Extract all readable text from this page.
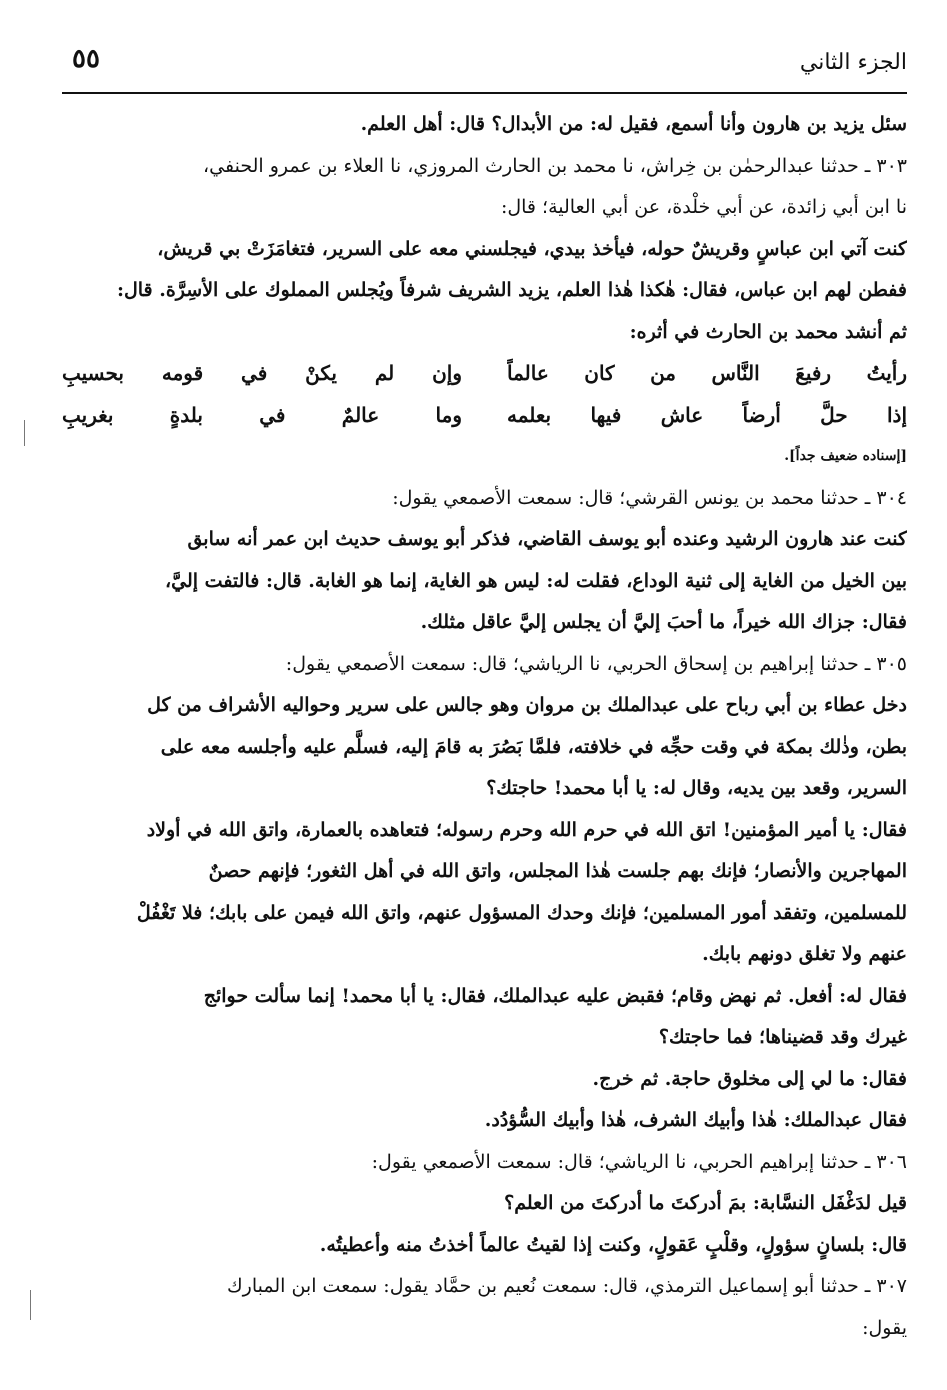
٥٥	الجزء الثاني
سئل يزيد بن هارون وأنا أسمع، فقيل له: من الأبدال؟ قال: أهل العلم.
٣٠٣ ـ حدثنا عبدالرحمٰن بن خِراش، نا محمد بن الحارث المروزي، نا العلاء بن عمرو الحنفي،
نا ابن أبي زائدة، عن أبي خلْدة، عن أبي العالية؛ قال:
كنت آتي ابن عباسٍ وقريشٌ حوله، فيأخذ بيدي، فيجلسني معه على السرير، فتغامَزَتْ بي قريش،
ففطن لهم ابن عباس، فقال: هٰكذا هٰذا العلم، يزيد الشريف شرفاً ويُجلس المملوك على الأسِرَّة. قال:
ثم أنشد محمد بن الحارث في أثره:
رأيتُ رفيعَ النَّاس من كان عالماً
وإن لم يكنْ في قومه بحسيبِ
إذا حلَّ أرضاً عاش فيها بعلمه
وما عالمٌ في بلدةٍ بغريبِ
[إسناده ضعيف جداً].
٣٠٤ ـ حدثنا محمد بن يونس القرشي؛ قال: سمعت الأصمعي يقول:
كنت عند هارون الرشيد وعنده أبو يوسف القاضي، فذكر أبو يوسف حديث ابن عمر أنه سابق
بين الخيل من الغاية إلى ثنية الوداع، فقلت له: ليس هو الغاية، إنما هو الغابة. قال: فالتفت إليَّ،
فقال: جزاك الله خيراً، ما أحبَ إليَّ أن يجلس إليَّ عاقل مثلك.
٣٠٥ ـ حدثنا إبراهيم بن إسحاق الحربي، نا الرياشي؛ قال: سمعت الأصمعي يقول:
دخل عطاء بن أبي رباح على عبدالملك بن مروان وهو جالس على سرير وحواليه الأشراف من كل
بطن، وذٰلك بمكة في وقت حجِّه في خلافته، فلمَّا بَصُرَ به قامَ إليه، فسلَّم عليه وأجلسه معه على
السرير، وقعد بين يديه، وقال له: يا أبا محمد! حاجتك؟
فقال: يا أمير المؤمنين! اتق الله في حرم الله وحرم رسوله؛ فتعاهده بالعمارة، واتق الله في أولاد
المهاجرين والأنصار؛ فإنك بهم جلست هٰذا المجلس، واتق الله في أهل الثغور؛ فإنهم حصنٌ
للمسلمين، وتفقد أمور المسلمين؛ فإنك وحدك المسؤول عنهم، واتق الله فيمن على بابك؛ فلا تَغْفُلْ
عنهم ولا تغلق دونهم بابك.
فقال له: أفعل. ثم نهض وقام؛ فقبض عليه عبدالملك، فقال: يا أبا محمد! إنما سألت حوائج
غيرك وقد قضيناها؛ فما حاجتك؟
فقال: ما لي إلى مخلوق حاجة. ثم خرج.
فقال عبدالملك: هٰذا وأبيك الشرف، هٰذا وأبيك السُّؤدُد.
٣٠٦ ـ حدثنا إبراهيم الحربي، نا الرياشي؛ قال: سمعت الأصمعي يقول:
قيل لدَغْفَل النسَّابة: بمَ أدركتَ ما أدركتَ من العلم؟
قال: بلسانٍ سؤولٍ، وقلْبٍ عَقولٍ، وكنت إذا لقيتُ عالماً أخذتُ منه وأعطيتُه.
٣٠٧ ـ حدثنا أبو إسماعيل الترمذي، قال: سمعت نُعيم بن حمَّاد يقول: سمعت ابن المبارك
يقول:
